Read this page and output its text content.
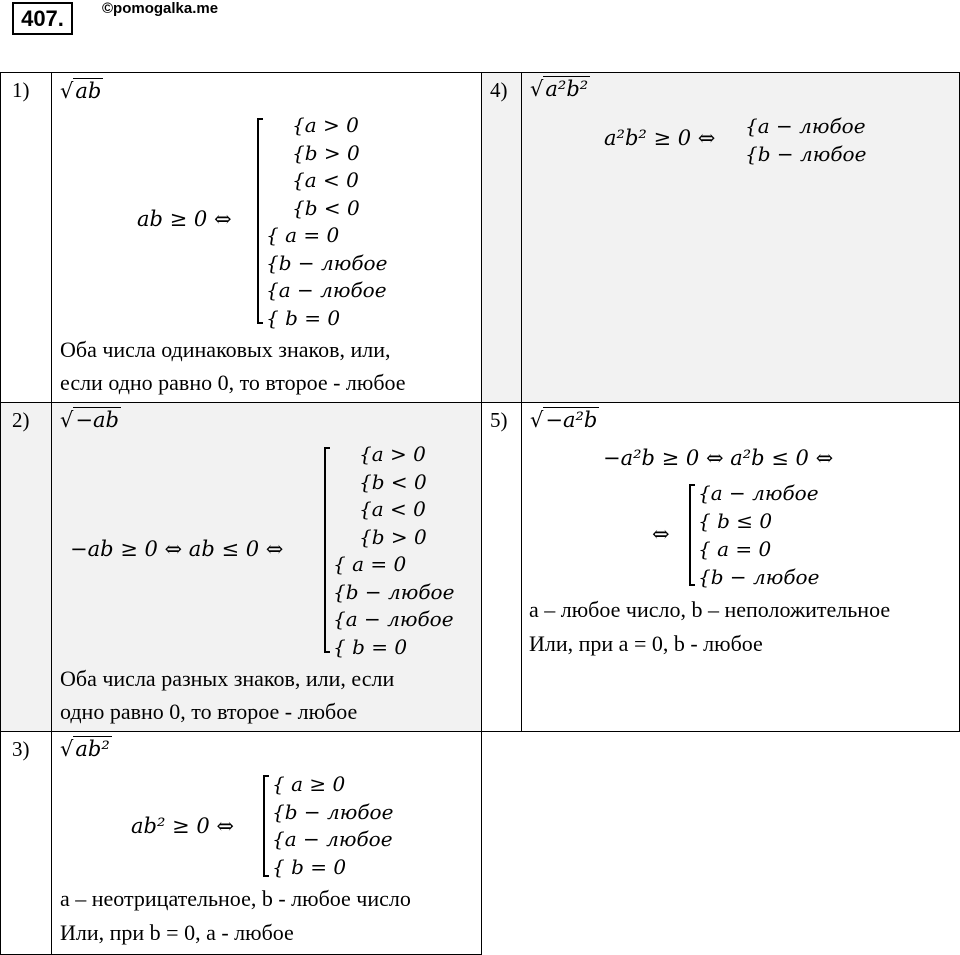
407.	©pomogalka.me
1) √ab
ab ≥ 0 ⇔
{a > 0
{b > 0
{a < 0
{b < 0
{ a = 0
{b − любое
{a − любое
{ b = 0
Оба числа одинаковых знаков, или,
если одно равно 0, то второе - любое
4) √a²b²
a²b² ≥ 0 ⇔ {a − любое
{b − любое
2) √−ab
−ab ≥ 0 ⇔ ab ≤ 0 ⇔
{a > 0
{b < 0
{a < 0
{b > 0
{ a = 0
{b − любое
{a − любое
{ b = 0
Оба числа разных знаков, или, если
одно равно 0, то второе - любое
5) √−a²b
−a²b ≥ 0 ⇔ a²b ≤ 0 ⇔
⇔
{a − любое
{ b ≤ 0
{ a = 0
{b − любое
a – любое число, b – неположительное
Или, при a = 0, b - любое
3) √ab²
ab² ≥ 0 ⇔
{ a ≥ 0
{b − любое
{a − любое
{ b = 0
a – неотрицательное, b - любое число
Или, при b = 0, a - любое
